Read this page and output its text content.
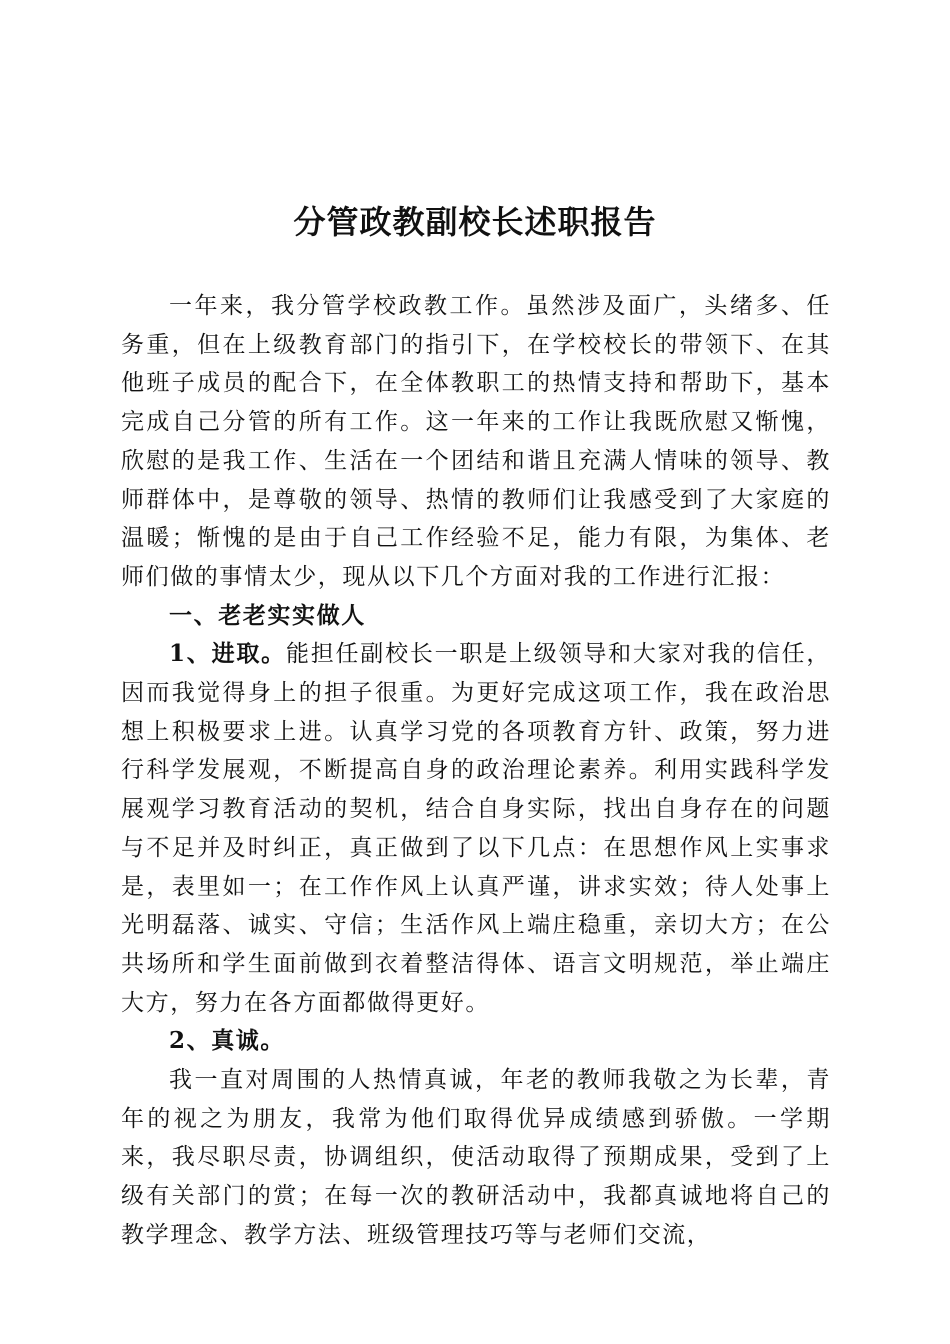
分管政教副校长述职报告

一年来，我分管学校政教工作。虽然涉及面广，头绪多、任务重，但在上级教育部门的指引下，在学校校长的带领下、在其他班子成员的配合下，在全体教职工的热情支持和帮助下，基本完成自己分管的所有工作。这一年来的工作让我既欣慰又惭愧，欣慰的是我工作、生活在一个团结和谐且充满人情味的领导、教师群体中，是尊敬的领导、热情的教师们让我感受到了大家庭的温暖；惭愧的是由于自己工作经验不足，能力有限，为集体、老师们做的事情太少，现从以下几个方面对我的工作进行汇报：

一、老老实实做人

1、进取。能担任副校长一职是上级领导和大家对我的信任，因而我觉得身上的担子很重。为更好完成这项工作，我在政治思想上积极要求上进。认真学习党的各项教育方针、政策，努力进行科学发展观，不断提高自身的政治理论素养。利用实践科学发展观学习教育活动的契机，结合自身实际，找出自身存在的问题与不足并及时纠正，真正做到了以下几点：在思想作风上实事求是，表里如一；在工作作风上认真严谨，讲求实效；待人处事上光明磊落、诚实、守信；生活作风上端庄稳重，亲切大方；在公共场所和学生面前做到衣着整洁得体、语言文明规范，举止端庄大方，努力在各方面都做得更好。

2、真诚。

我一直对周围的人热情真诚，年老的教师我敬之为长辈，青年的视之为朋友，我常为他们取得优异成绩感到骄傲。一学期来，我尽职尽责，协调组织，使活动取得了预期成果，受到了上级有关部门的赏；在每一次的教研活动中，我都真诚地将自己的教学理念、教学方法、班级管理技巧等与老师们交流，
